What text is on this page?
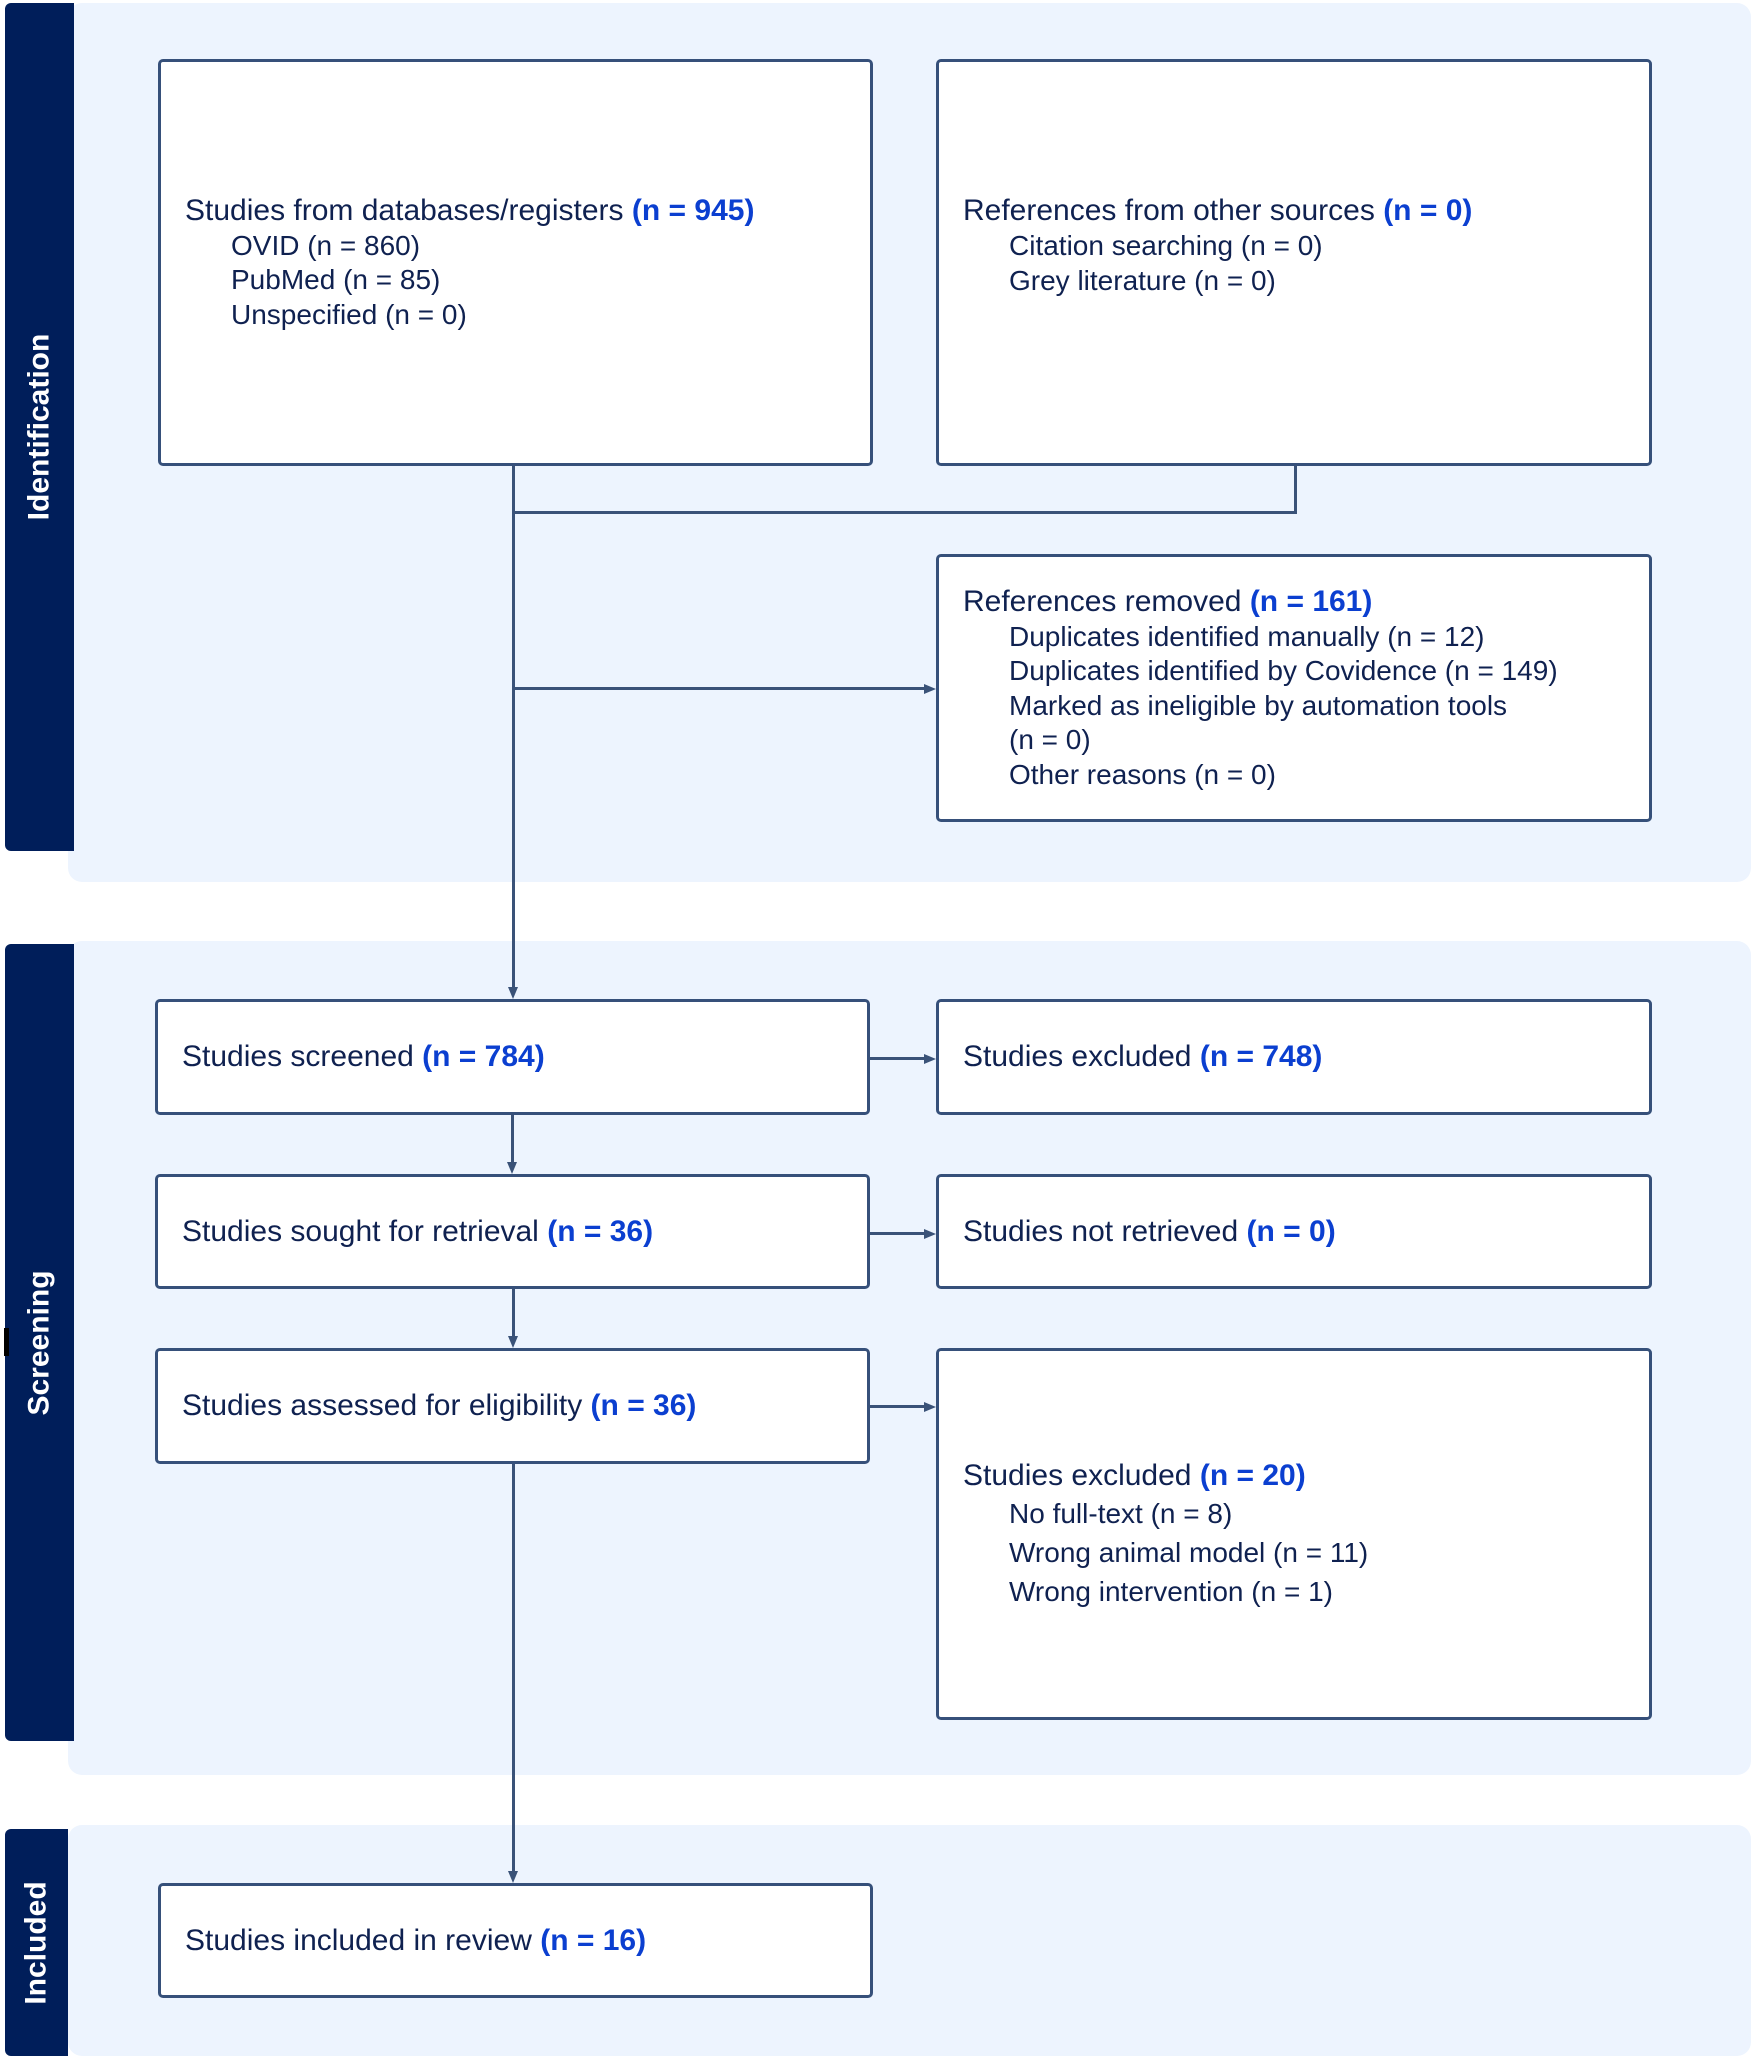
Identification
Screening
Included
Studies from databases/registers (n = 945)
OVID (n = 860)
PubMed (n = 85)
Unspecified (n = 0)
References from other sources (n = 0)
Citation searching (n = 0)
Grey literature (n = 0)
References removed (n = 161)
Duplicates identified manually (n = 12)
Duplicates identified by Covidence (n = 149)
Marked as ineligible by automation tools
(n = 0)
Other reasons (n = 0)
Studies screened (n = 784)	Studies excluded (n = 748)
Studies sought for retrieval (n = 36)	Studies not retrieved (n = 0)
Studies assessed for eligibility (n = 36)
Studies excluded (n = 20)
No full-text (n = 8)
Wrong animal model (n = 11)
Wrong intervention (n = 1)
Studies included in review (n = 16)
